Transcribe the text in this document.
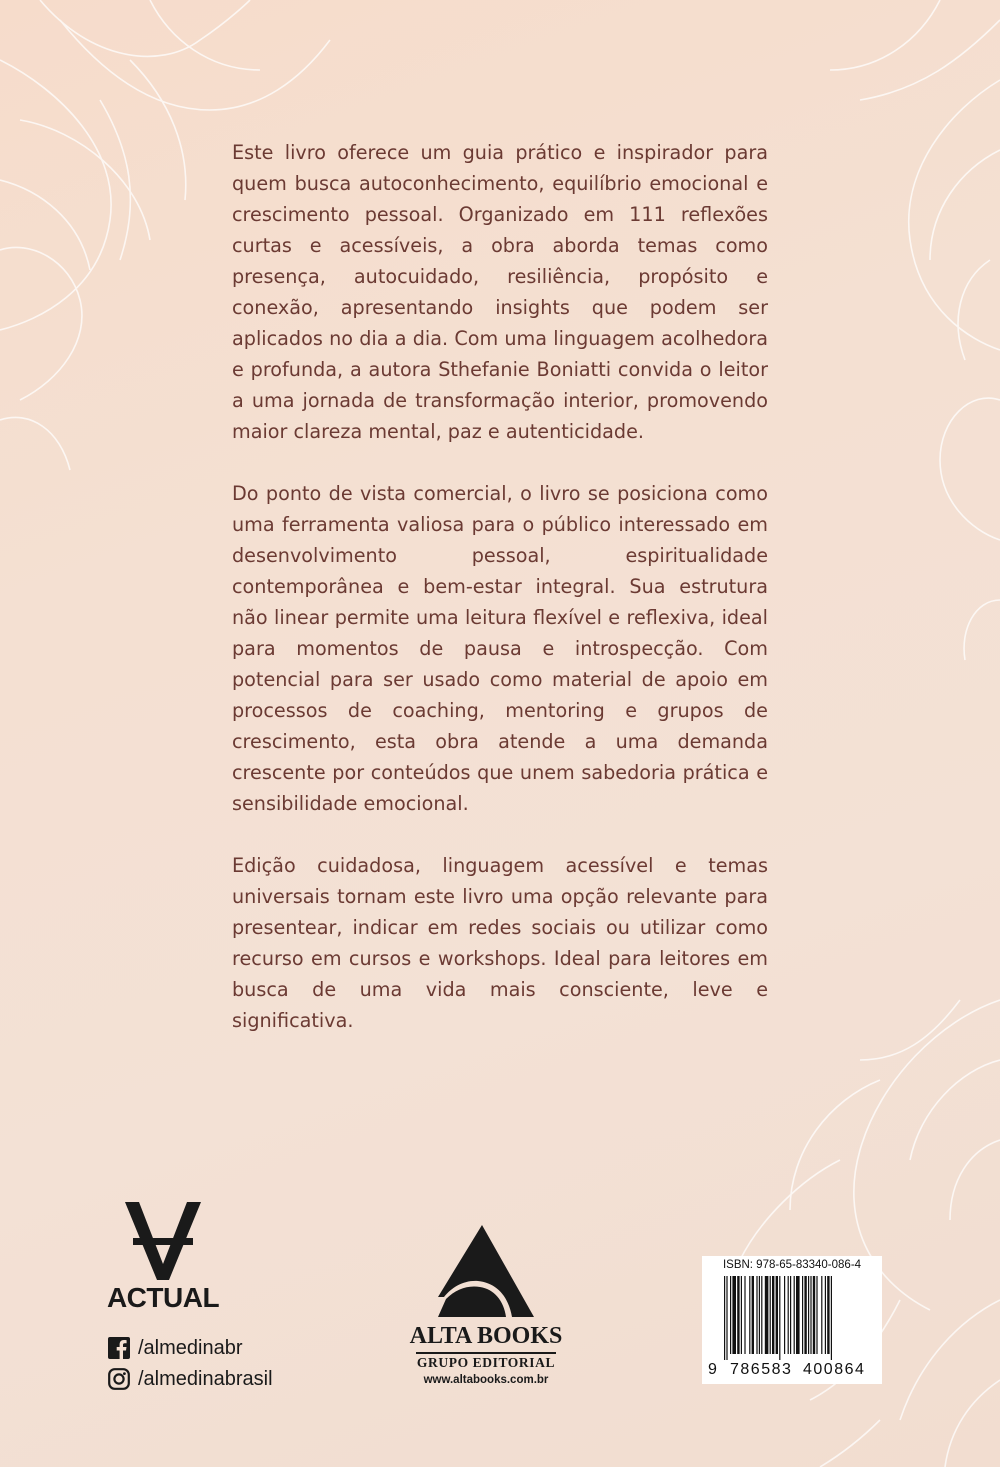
Este livro oferece um guia prático e inspirador para quem busca autoconhecimento, equilíbrio emocional e crescimento pessoal. Organizado em 111 reflexões curtas e acessíveis, a obra aborda temas como presença, autocuidado, resiliência, propósito e conexão, apresentando insights que podem ser aplicados no dia a dia. Com uma linguagem acolhedora e profunda, a autora Sthefanie Boniatti convida o leitor a uma jornada de transformação interior, promovendo maior clareza mental, paz e autenticidade.

Do ponto de vista comercial, o livro se posiciona como uma ferramenta valiosa para o público interessado em desenvolvimento pessoal, espiritualidade contemporânea e bem-estar integral. Sua estrutura não linear permite uma leitura flexível e reflexiva, ideal para momentos de pausa e introspecção. Com potencial para ser usado como material de apoio em processos de coaching, mentoring e grupos de crescimento, esta obra atende a uma demanda crescente por conteúdos que unem sabedoria prática e sensibilidade emocional.

Edição cuidadosa, linguagem acessível e temas universais tornam este livro uma opção relevante para presentear, indicar em redes sociais ou utilizar como recurso em cursos e workshops. Ideal para leitores em busca de uma vida mais consciente, leve e significativa.

ACTUAL
/almedinabr
/almedinabrasil
ALTA BOOKS
GRUPO EDITORIAL
www.altabooks.com.br
ISBN: 978-65-83340-086-4
9 786583 400864
